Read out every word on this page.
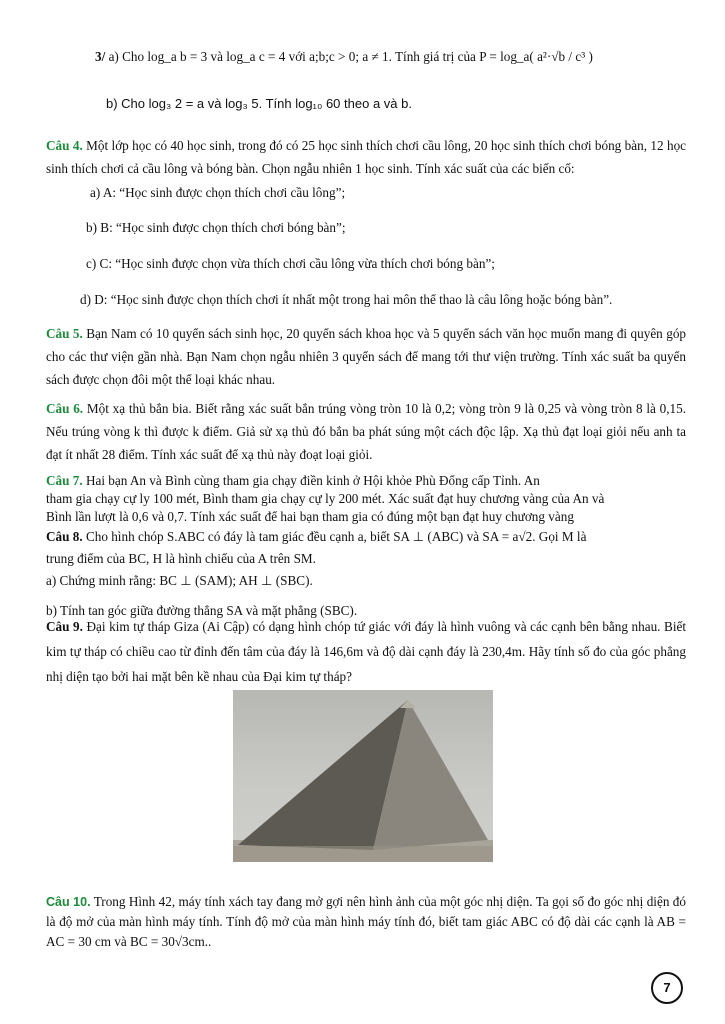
3/ a) Cho log_a b = 3 và log_a c = 4 với a;b;c > 0; a ≠ 1. Tính giá trị của P = log_a( a²·√b / c³ )
b) Cho log₃ 2 = a và log₃ 5. Tính log₁₀ 60 theo a và b.
Câu 4. Một lớp học có 40 học sinh, trong đó có 25 học sinh thích chơi cầu lông, 20 học sinh thích chơi bóng bàn, 12 học sinh thích chơi cả cầu lông và bóng bàn. Chọn ngẫu nhiên 1 học sinh. Tính xác suất của các biến cố:
a) A: “Học sinh được chọn thích chơi cầu lông”;
b) B: “Học sinh được chọn thích chơi bóng bàn”;
c) C: “Học sinh được chọn vừa thích chơi cầu lông vừa thích chơi bóng bàn”;
d) D: “Học sinh được chọn thích chơi ít nhất một trong hai môn thể thao là câu lông hoặc bóng bàn”.
Câu 5. Bạn Nam có 10 quyển sách sinh học, 20 quyển sách khoa học và 5 quyển sách văn học muốn mang đi quyên góp cho các thư viện gần nhà. Bạn Nam chọn ngẫu nhiên 3 quyển sách để mang tới thư viện trường. Tính xác suất ba quyển sách được chọn đôi một thể loại khác nhau.
Câu 6. Một xạ thủ bắn bia. Biết rằng xác suất bắn trúng vòng tròn 10 là 0,2; vòng tròn 9 là 0,25 và vòng tròn 8 là 0,15. Nếu trúng vòng k thì được k điểm. Giả sử xạ thủ đó bắn ba phát súng một cách độc lập. Xạ thủ đạt loại giỏi nếu anh ta đạt ít nhất 28 điểm. Tính xác suất để xạ thủ này đoạt loại giỏi.
Câu 7. Hai bạn An và Bình cùng tham gia chạy điền kinh ở Hội khỏe Phù Đổng cấp Tỉnh. An
tham gia chạy cự ly 100 mét, Bình tham gia chạy cự ly 200 mét. Xác suất đạt huy chương vàng của An và
Bình lần lượt là 0,6 và 0,7. Tính xác suất để hai bạn tham gia có đúng một bạn đạt huy chương vàng
Câu 8. Cho hình chóp S.ABC có đáy là tam giác đều cạnh a, biết SA ⊥ (ABC) và SA = a√2. Gọi M là
trung điểm của BC, H là hình chiếu của A trên SM.
a) Chứng minh rằng: BC ⊥ (SAM); AH ⊥ (SBC).
b) Tính tan góc giữa đường thẳng SA và mặt phẳng (SBC).
Câu 9. Đại kim tự tháp Giza (Ai Cập) có dạng hình chóp tứ giác với đáy là hình vuông và các cạnh bên bằng nhau. Biết kim tự tháp có chiều cao từ đỉnh đến tâm của đáy là 146,6m và độ dài cạnh đáy là 230,4m. Hãy tính số đo của góc phẳng nhị diện tạo bởi hai mặt bên kề nhau của Đại kim tự tháp?
Câu 10. Trong Hình 42, máy tính xách tay đang mở gợi nên hình ảnh của một góc nhị diện. Ta gọi số đo góc nhị diện đó là độ mở của màn hình máy tính. Tính độ mở của màn hình máy tính đó, biết tam giác ABC có độ dài các cạnh là AB = AC = 30 cm và BC = 30√3cm..
7
